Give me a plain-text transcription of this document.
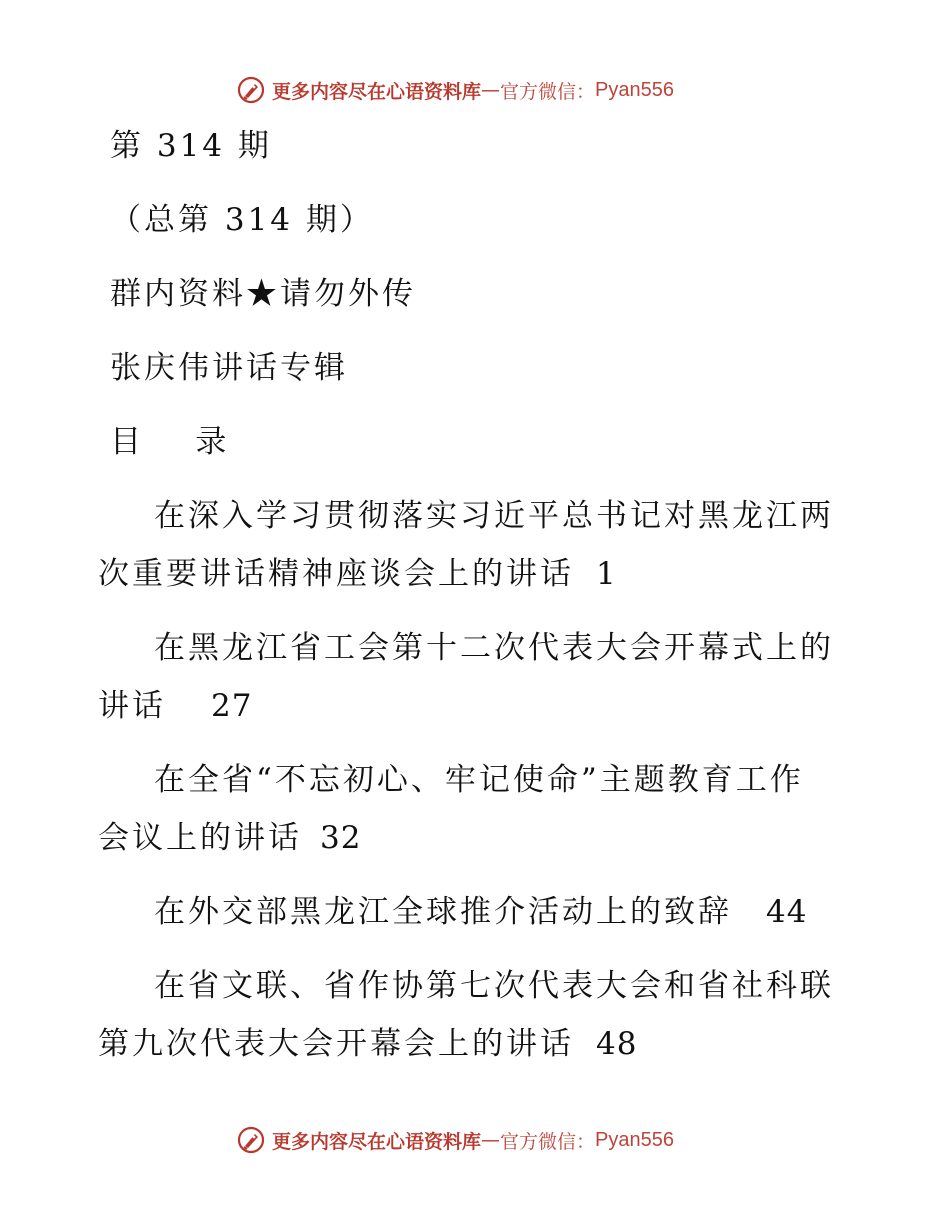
更多内容尽在心语资料库 — 官方微信： Pyan556
第 314 期
（总第 314 期）
群内资料★请勿外传
张庆伟讲话专辑
目    录
在深入学习贯彻落实习近平总书记对黑龙江两
次重要讲话精神座谈会上的讲话 1
在黑龙江省工会第十二次代表大会开幕式上的
讲话 27
在全省“不忘初心、牢记使命”主题教育工作
会议上的讲话 32
在外交部黑龙江全球推介活动上的致辞 44
在省文联、省作协第七次代表大会和省社科联
第九次代表大会开幕会上的讲话 48
更多内容尽在心语资料库 — 官方微信： Pyan556
